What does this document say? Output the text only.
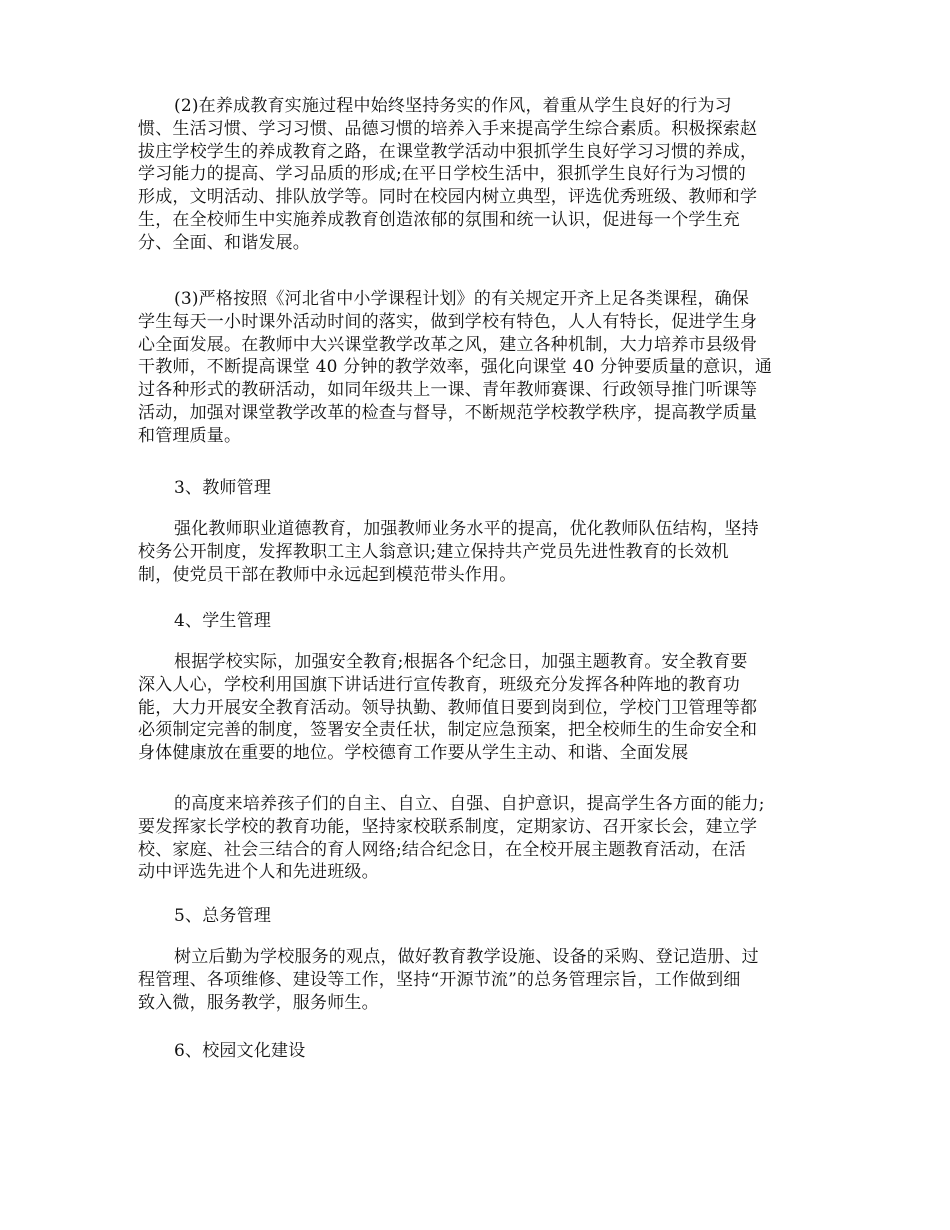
(2)在养成教育实施过程中始终坚持务实的作风，着重从学生良好的行为习
惯、生活习惯、学习习惯、品德习惯的培养入手来提高学生综合素质。积极探索赵
拔庄学校学生的养成教育之路，在课堂教学活动中狠抓学生良好学习习惯的养成，
学习能力的提高、学习品质的形成;在平日学校生活中，狠抓学生良好行为习惯的
形成，文明活动、排队放学等。同时在校园内树立典型，评选优秀班级、教师和学
生，在全校师生中实施养成教育创造浓郁的氛围和统一认识，促进每一个学生充
分、全面、和谐发展。
(3)严格按照《河北省中小学课程计划》的有关规定开齐上足各类课程，确保
学生每天一小时课外活动时间的落实，做到学校有特色，人人有特长，促进学生身
心全面发展。在教师中大兴课堂教学改革之风，建立各种机制，大力培养市县级骨
干教师，不断提高课堂 40 分钟的教学效率，强化向课堂 40 分钟要质量的意识，通
过各种形式的教研活动，如同年级共上一课、青年教师赛课、行政领导推门听课等
活动，加强对课堂教学改革的检查与督导，不断规范学校教学秩序，提高教学质量
和管理质量。
3、教师管理
强化教师职业道德教育，加强教师业务水平的提高，优化教师队伍结构，坚持
校务公开制度，发挥教职工主人翁意识;建立保持共产党员先进性教育的长效机
制，使党员干部在教师中永远起到模范带头作用。
4、学生管理
根据学校实际，加强安全教育;根据各个纪念日，加强主题教育。安全教育要
深入人心，学校利用国旗下讲话进行宣传教育，班级充分发挥各种阵地的教育功
能，大力开展安全教育活动。领导执勤、教师值日要到岗到位，学校门卫管理等都
必须制定完善的制度，签署安全责任状，制定应急预案，把全校师生的生命安全和
身体健康放在重要的地位。学校德育工作要从学生主动、和谐、全面发展
的高度来培养孩子们的自主、自立、自强、自护意识，提高学生各方面的能力;
要发挥家长学校的教育功能，坚持家校联系制度，定期家访、召开家长会，建立学
校、家庭、社会三结合的育人网络;结合纪念日，在全校开展主题教育活动，在活
动中评选先进个人和先进班级。
5、总务管理
树立后勤为学校服务的观点，做好教育教学设施、设备的采购、登记造册、过
程管理、各项维修、建设等工作，坚持“开源节流”的总务管理宗旨，工作做到细
致入微，服务教学，服务师生。
6、校园文化建设
